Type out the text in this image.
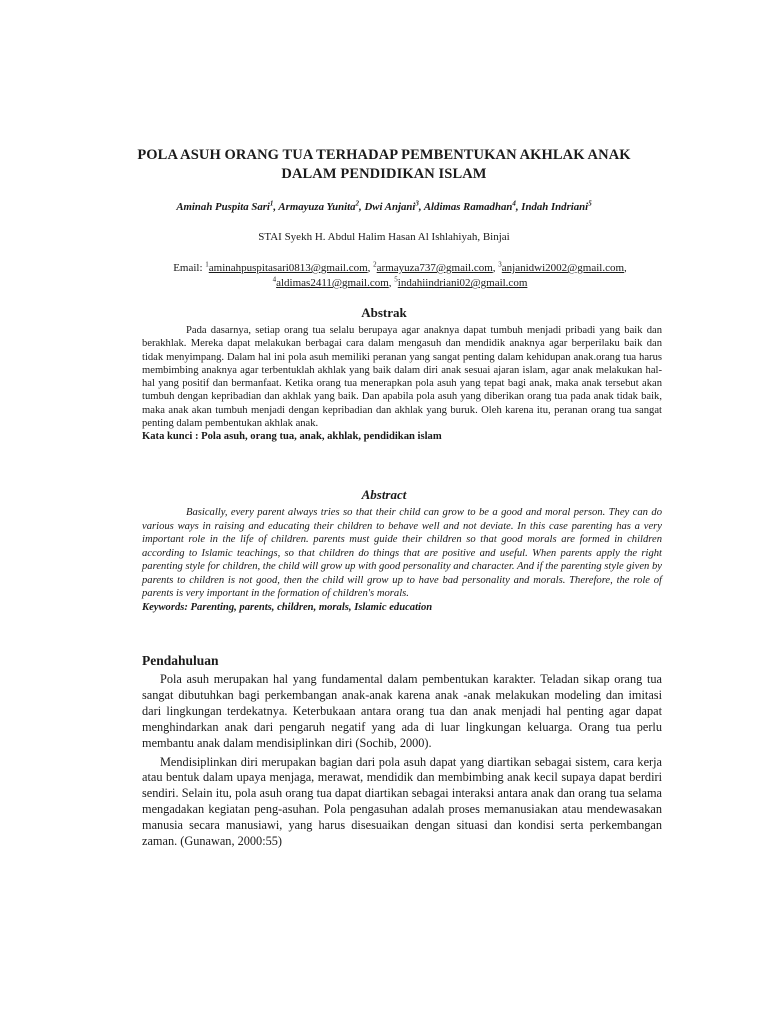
POLA ASUH ORANG TUA TERHADAP PEMBENTUKAN AKHLAK ANAK
DALAM PENDIDIKAN ISLAM
Aminah Puspita Sari$^1$, Armayuza Yunita$^2$, Dwi Anjani$^3$, Aldimas Ramadhan$^4$, Indah Indriani$^5$
STAI Syekh H. Abdul Halim Hasan Al Ishlahiyah, Binjai
Email: $^1$aminahpuspitasari0813@gmail.com, $^2$armayuza737@gmail.com, $^3$anjanidwi2002@gmail.com,
$^4$aldimas2411@gmail.com, $^5$indahiindriani02@gmail.com
Abstrak
Pada dasarnya, setiap orang tua selalu berupaya agar anaknya dapat tumbuh menjadi pribadi yang baik dan berakhlak. Mereka dapat melakukan berbagai cara dalam mengasuh dan mendidik anaknya agar berperilaku baik dan tidak menyimpang. Dalam hal ini pola asuh memiliki peranan yang sangat penting dalam kehidupan anak.orang tua harus membimbing anaknya agar terbentuklah akhlak yang baik dalam diri anak sesuai ajaran islam, agar anak melakukan hal-hal yang positif dan bermanfaat. Ketika orang tua menerapkan pola asuh yang tepat bagi anak, maka anak tersebut akan tumbuh dengan kepribadian dan akhlak yang baik. Dan apabila pola asuh yang diberikan orang tua pada anak tidak baik, maka anak akan tumbuh menjadi dengan kepribadian dan akhlak yang buruk. Oleh karena itu, peranan orang tua sangat penting dalam pembentukan akhlak anak.
Kata kunci : Pola asuh, orang tua, anak, akhlak, pendidikan islam
Abstract
Basically, every parent always tries so that their child can grow to be a good and moral person. They can do various ways in raising and educating their children to behave well and not deviate. In this case parenting has a very important role in the life of children. parents must guide their children so that good morals are formed in children according to Islamic teachings, so that children do things that are positive and useful. When parents apply the right parenting style for children, the child will grow up with good personality and character. And if the parenting style given by parents to children is not good, then the child will grow up to have bad personality and morals. Therefore, the role of parents is very important in the formation of children's morals.
Keywords: Parenting, parents, children, morals, Islamic education
Pendahuluan

Pola asuh merupakan hal yang fundamental dalam pembentukan karakter. Teladan sikap orang tua sangat dibutuhkan bagi perkembangan anak-anak karena anak -anak melakukan modeling dan imitasi dari lingkungan terdekatnya. Keterbukaan antara orang tua dan anak menjadi hal penting agar dapat menghindarkan anak dari pengaruh negatif yang ada di luar lingkungan keluarga. Orang tua perlu membantu anak dalam mendisiplinkan diri (Sochib, 2000).

Mendisiplinkan diri merupakan bagian dari pola asuh dapat yang diartikan sebagai sistem, cara kerja atau bentuk dalam upaya menjaga, merawat, mendidik dan membimbing anak kecil supaya dapat berdiri sendiri. Selain itu, pola asuh orang tua dapat diartikan sebagai interaksi antara anak dan orang tua selama mengadakan kegiatan peng-asuhan. Pola pengasuhan adalah proses memanusiakan atau mendewasakan manusia secara manusiawi, yang harus disesuaikan dengan situasi dan kondisi serta perkembangan zaman. (Gunawan, 2000:55)
